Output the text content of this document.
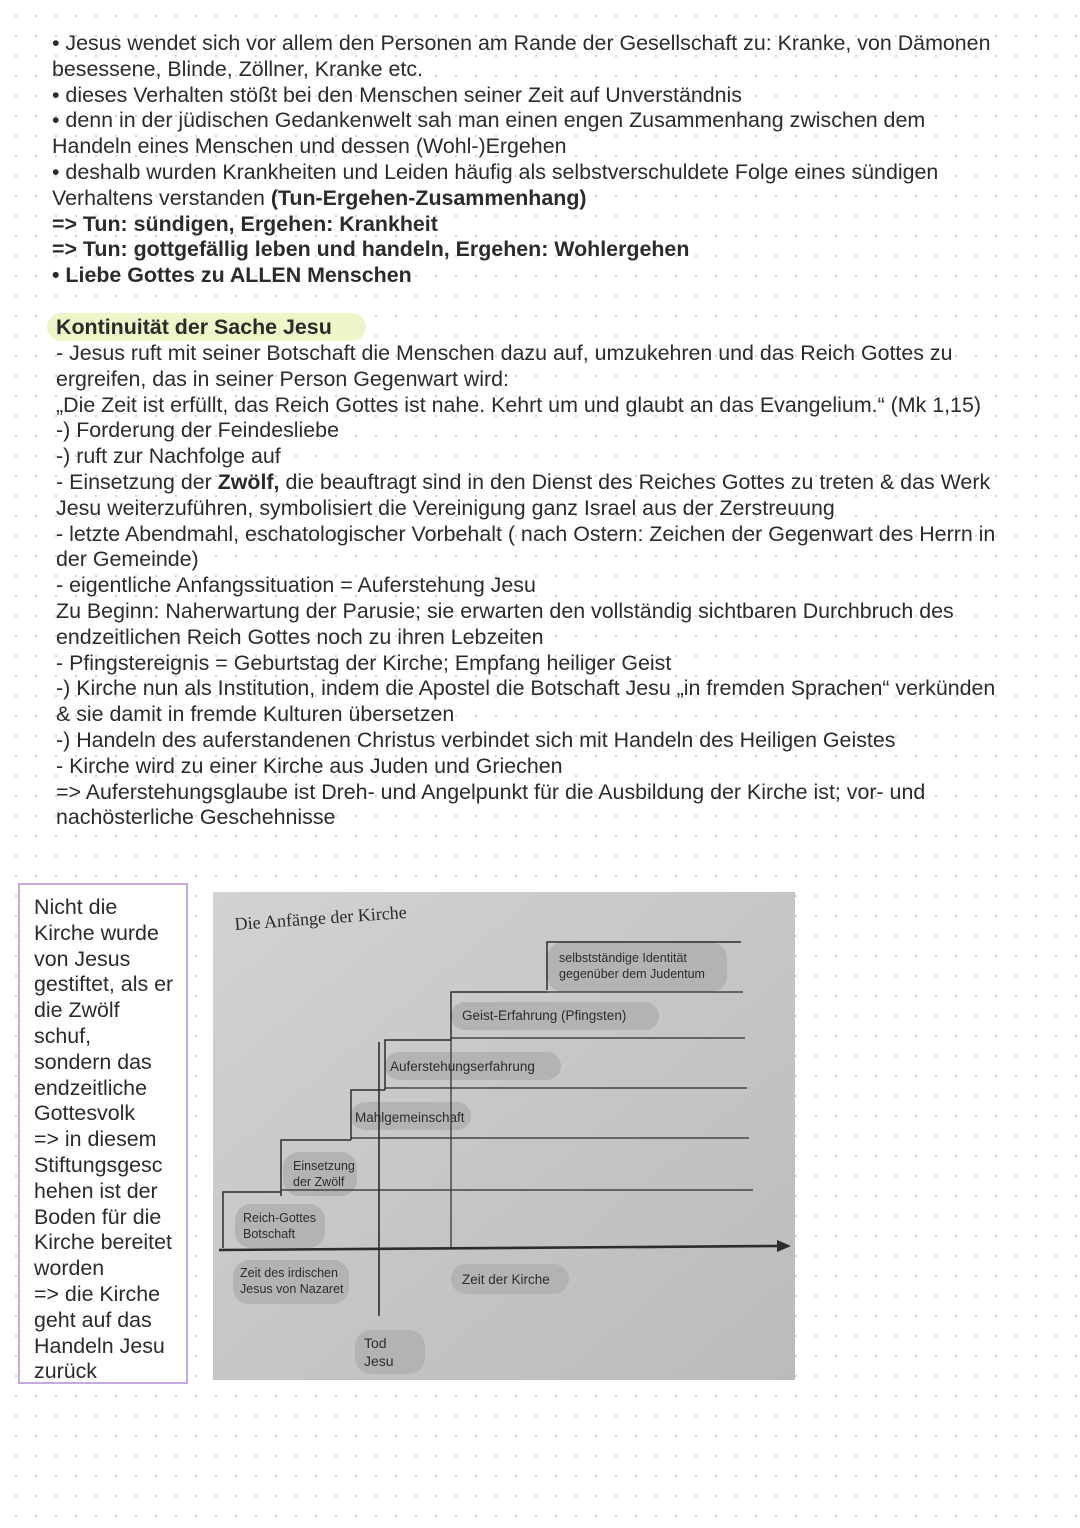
• Jesus wendet sich vor allem den Personen am Rande der Gesellschaft zu: Kranke, von Dämonen
besessene, Blinde, Zöllner, Kranke etc.
• dieses Verhalten stößt bei den Menschen seiner Zeit auf Unverständnis
• denn in der jüdischen Gedankenwelt sah man einen engen Zusammenhang zwischen dem
Handeln eines Menschen und dessen (Wohl-)Ergehen
• deshalb wurden Krankheiten und Leiden häufig als selbstverschuldete Folge eines sündigen
Verhaltens verstanden (Tun-Ergehen-Zusammenhang)
=> Tun: sündigen, Ergehen: Krankheit
=> Tun: gottgefällig leben und handeln, Ergehen: Wohlergehen
• Liebe Gottes zu ALLEN Menschen
Kontinuität der Sache Jesu
- Jesus ruft mit seiner Botschaft die Menschen dazu auf, umzukehren und das Reich Gottes zu
ergreifen, das in seiner Person Gegenwart wird:
„Die Zeit ist erfüllt, das Reich Gottes ist nahe. Kehrt um und glaubt an das Evangelium.“ (Mk 1,15)
-) Forderung der Feindesliebe
-) ruft zur Nachfolge auf
- Einsetzung der Zwölf, die beauftragt sind in den Dienst des Reiches Gottes zu treten & das Werk
Jesu weiterzuführen, symbolisiert die Vereinigung ganz Israel aus der Zerstreuung
- letzte Abendmahl, eschatologischer Vorbehalt ( nach Ostern: Zeichen der Gegenwart des Herrn in
der Gemeinde)
- eigentliche Anfangssituation = Auferstehung Jesu
Zu Beginn: Naherwartung der Parusie; sie erwarten den vollständig sichtbaren Durchbruch des
endzeitlichen Reich Gottes noch zu ihren Lebzeiten
- Pfingstereignis = Geburtstag der Kirche; Empfang heiliger Geist
-) Kirche nun als Institution, indem die Apostel die Botschaft Jesu „in fremden Sprachen“ verkünden
& sie damit in fremde Kulturen übersetzen
-) Handeln des auferstandenen Christus verbindet sich mit Handeln des Heiligen Geistes
- Kirche wird zu einer Kirche aus Juden und Griechen
=> Auferstehungsglaube ist Dreh- und Angelpunkt für die Ausbildung der Kirche ist; vor- und
nachösterliche Geschehnisse
Nicht die
Kirche wurde
von Jesus
gestiftet, als er
die Zwölf
schuf,
sondern das
endzeitliche
Gottesvolk
=> in diesem
Stiftungsgesc
hehen ist der
Boden für die
Kirche bereitet
worden
=> die Kirche
geht auf das
Handeln Jesu
zurück
Die Anfänge der Kirche
selbstständige Identität
gegenüber dem Judentum
Geist-Erfahrung (Pfingsten)
Auferstehungserfahrung
Mahlgemeinschaft
Einsetzung
der Zwölf
Reich-Gottes
Botschaft
Zeit des irdischen
Jesus von Nazaret
Zeit der Kirche
Tod
Jesu
